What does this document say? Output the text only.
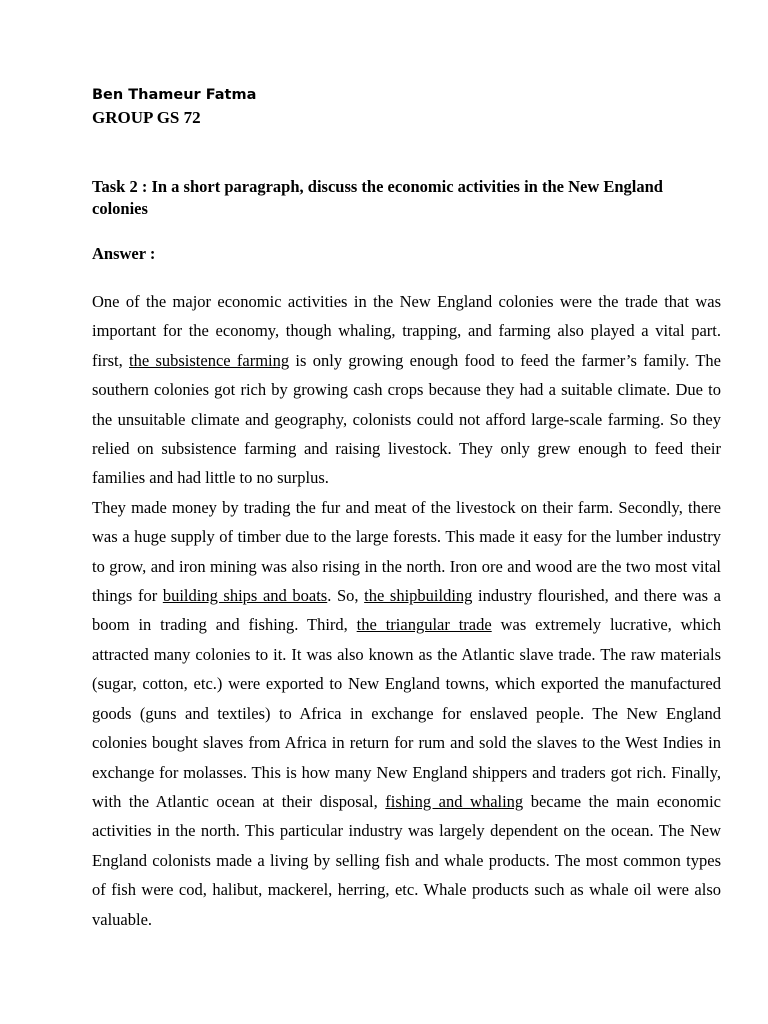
Ben Thameur Fatma
GROUP GS 72
Task 2 : In a short paragraph, discuss the economic activities in the New England colonies
Answer :

One of the major economic activities in the New England colonies were the trade that was important for the economy, though whaling, trapping, and farming also played a vital part. first, the subsistence farming is only growing enough food to feed the farmer’s family. The southern colonies got rich by growing cash crops because they had a suitable climate. Due to the unsuitable climate and geography, colonists could not afford large-scale farming. So they relied on subsistence farming and raising livestock. They only grew enough to feed their families and had little to no surplus.

They made money by trading the fur and meat of the livestock on their farm. Secondly, there was a huge supply of timber due to the large forests. This made it easy for the lumber industry to grow, and iron mining was also rising in the north. Iron ore and wood are the two most vital things for building ships and boats. So, the shipbuilding industry flourished, and there was a boom in trading and fishing. Third, the triangular trade was extremely lucrative, which attracted many colonies to it. It was also known as the Atlantic slave trade. The raw materials (sugar, cotton, etc.) were exported to New England towns, which exported the manufactured goods (guns and textiles) to Africa in exchange for enslaved people. The New England colonies bought slaves from Africa in return for rum and sold the slaves to the West Indies in exchange for molasses. This is how many New England shippers and traders got rich. Finally, with the Atlantic ocean at their disposal, fishing and whaling became the main economic activities in the north. This particular industry was largely dependent on the ocean. The New England colonists made a living by selling fish and whale products. The most common types of fish were cod, halibut, mackerel, herring, etc. Whale products such as whale oil were also valuable.
